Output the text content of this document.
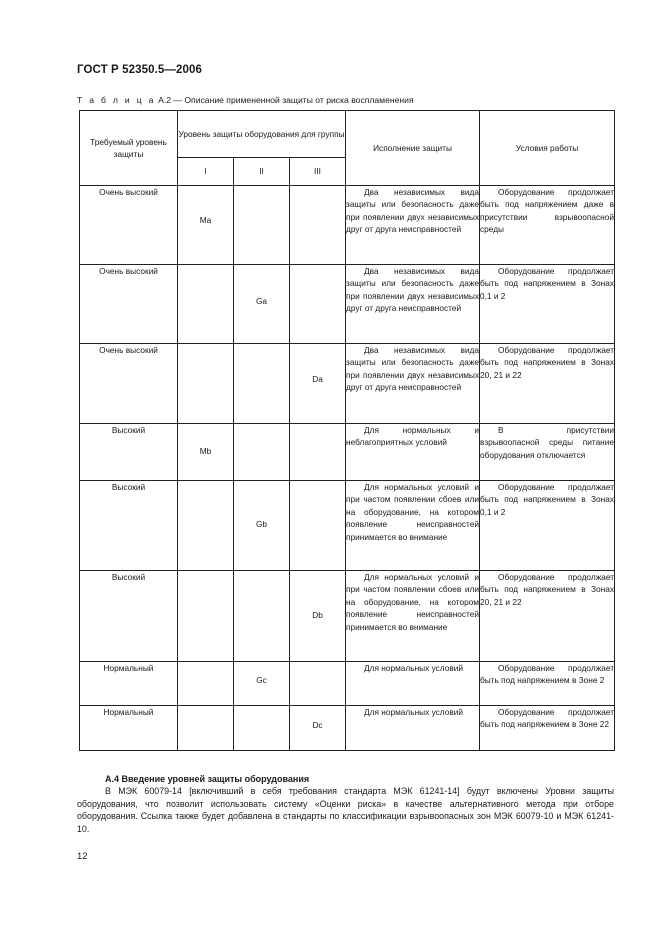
ГОСТ Р 52350.5—2006
Т а б л и ц а А.2 — Описание примененной защиты от риска воспламенения
Требуемый уровень защиты	Уровень защиты оборудования для группы			Исполнение защиты	Условия работы
	I	II	III		
Очень высокий	Ma			Два независимых вида защиты или безопасность даже при появлении двух независимых друг от друга неисправностей	Оборудование продолжает быть под напряжением даже в присутствии взрывоопасной среды

Очень высокий		Ga		Два независимых вида защиты или безопасность даже при появлении двух независимых друг от друга неисправностей	Оборудование продолжает быть под напряжением в Зонах 0,1 и 2

Очень высокий			Da	Два независимых вида защиты или безопасность даже при появлении двух независимых друг от друга неисправностей	Оборудование продолжает быть под напряжением в Зонах 20, 21 и 22

Высокий	Mb			Для нормальных и неблагоприятных условий	В присутствии взрывоопасной среды питание оборудования отключается

Высокий		Gb		Для нормальных условий и при частом появлении сбоев или на оборудование, на котором появление неисправностей принимается во внимание	Оборудование продолжает быть под напряжением в Зонах 0,1 и 2

Высокий			Db	Для нормальных условий и при частом появлении сбоев или на оборудование, на котором появление неисправностей принимается во внимание	Оборудование продолжает быть под напряжением в Зонах 20, 21 и 22

Нормальный		Gc		Для нормальных условий	Оборудование продолжает быть под напряжением в Зоне 2

Нормальный			Dc	Для нормальных условий	Оборудование продолжает быть под напряжением в Зоне 22
А.4 Введение уровней защиты оборудования
В МЭК 60079-14 [включивший в себя требования стандарта МЭК 61241-14] будут включены Уровни защиты оборудования, что позволит использовать систему «Оценки риска» в качестве альтернативного метода при отборе оборудования. Ссылка также будет добавлена в стандарты по классификации взрывоопасных зон МЭК 60079-10 и МЭК 61241-10.
12
